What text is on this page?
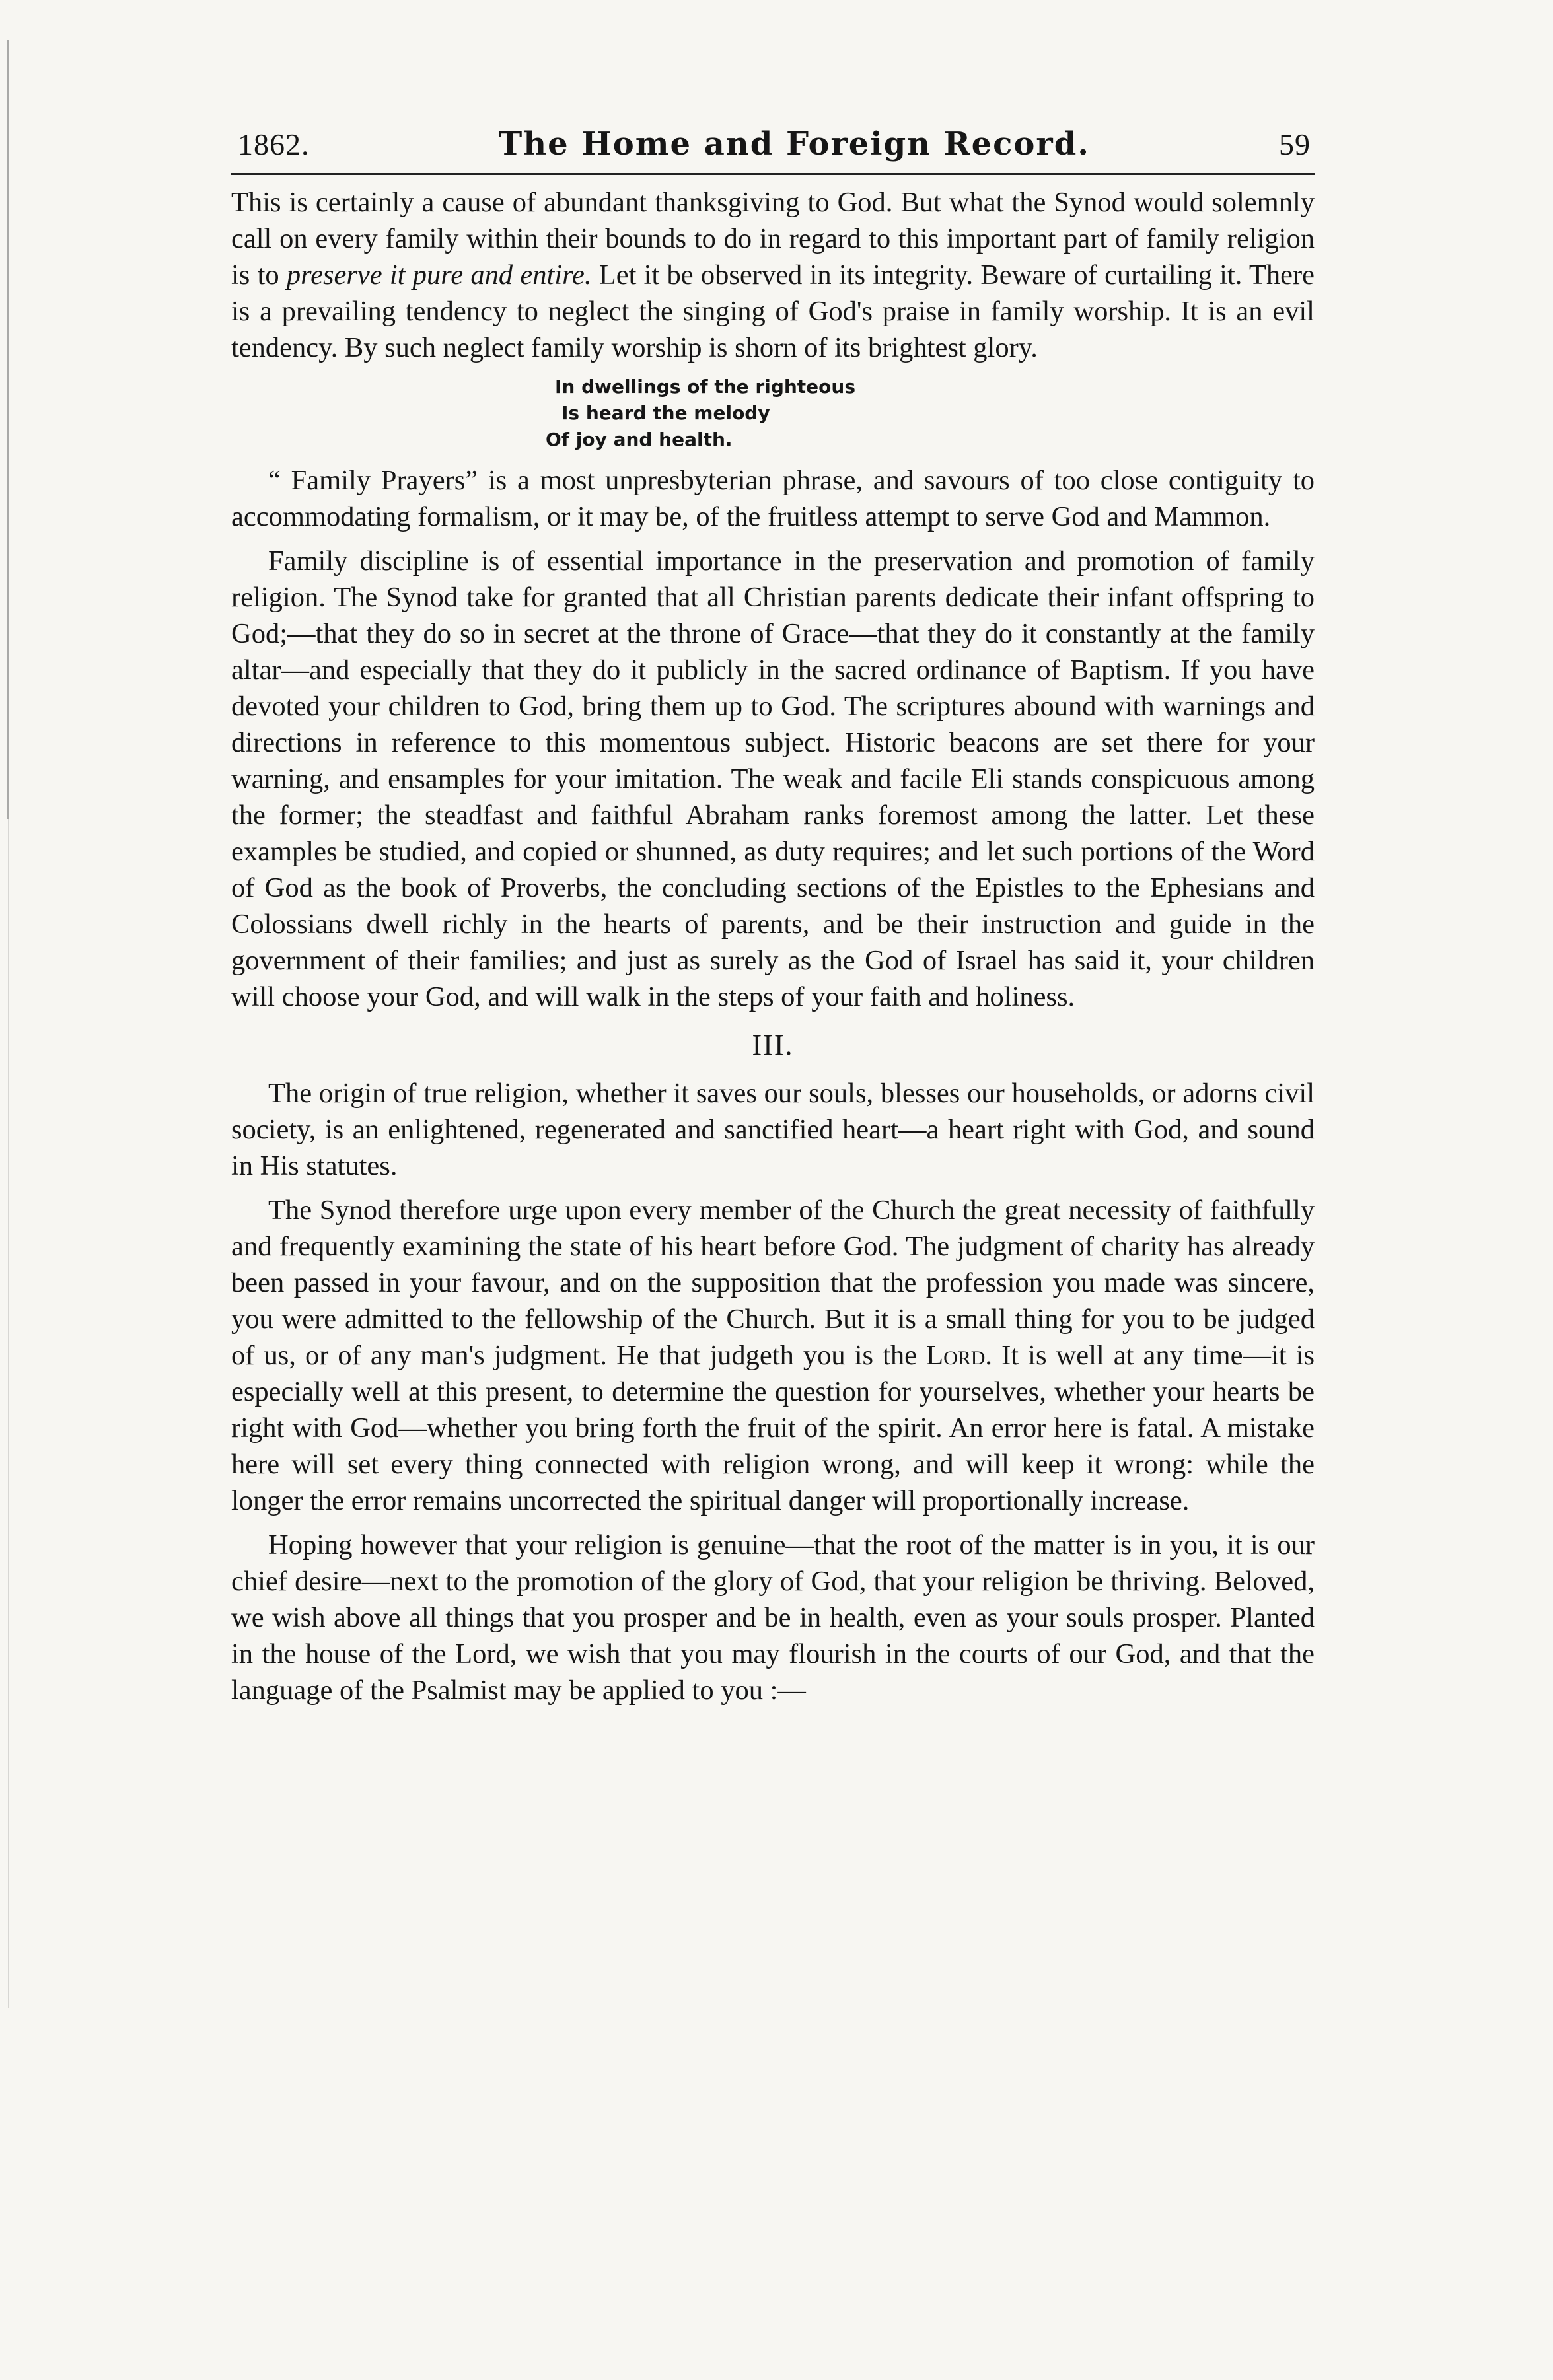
1862.	The Home and Foreign Record.	59

This is certainly a cause of abundant thanksgiving to God. But what the Synod would solemnly call on every family within their bounds to do in regard to this important part of family religion is to preserve it pure and entire. Let it be observed in its integrity. Beware of curtailing it. There is a prevailing tendency to neglect the singing of God's praise in family worship. It is an evil tendency. By such neglect family worship is shorn of its brightest glory.

In dwellings of the righteous
Is heard the melody
Of joy and health.

“ Family Prayers” is a most unpresbyterian phrase, and savours of too close contiguity to accommodating formalism, or it may be, of the fruitless attempt to serve God and Mammon.

Family discipline is of essential importance in the preservation and promotion of family religion. The Synod take for granted that all Christian parents dedicate their infant offspring to God;—that they do so in secret at the throne of Grace—that they do it constantly at the family altar—and especially that they do it publicly in the sacred ordinance of Baptism. If you have devoted your children to God, bring them up to God. The scriptures abound with warnings and directions in reference to this momentous subject. Historic beacons are set there for your warning, and ensamples for your imitation. The weak and facile Eli stands conspicuous among the former; the steadfast and faithful Abraham ranks foremost among the latter. Let these examples be studied, and copied or shunned, as duty requires; and let such portions of the Word of God as the book of Proverbs, the concluding sections of the Epistles to the Ephesians and Colossians dwell richly in the hearts of parents, and be their instruction and guide in the government of their families; and just as surely as the God of Israel has said it, your children will choose your God, and will walk in the steps of your faith and holiness.

III.

The origin of true religion, whether it saves our souls, blesses our households, or adorns civil society, is an enlightened, regenerated and sanctified heart—a heart right with God, and sound in His statutes.

The Synod therefore urge upon every member of the Church the great necessity of faithfully and frequently examining the state of his heart before God. The judgment of charity has already been passed in your favour, and on the supposition that the profession you made was sincere, you were admitted to the fellowship of the Church. But it is a small thing for you to be judged of us, or of any man's judgment. He that judgeth you is the Lord. It is well at any time—it is especially well at this present, to determine the question for yourselves, whether your hearts be right with God—whether you bring forth the fruit of the spirit. An error here is fatal. A mistake here will set every thing connected with religion wrong, and will keep it wrong: while the longer the error remains uncorrected the spiritual danger will proportionally increase.

Hoping however that your religion is genuine—that the root of the matter is in you, it is our chief desire—next to the promotion of the glory of God, that your religion be thriving. Beloved, we wish above all things that you prosper and be in health, even as your souls prosper. Planted in the house of the Lord, we wish that you may flourish in the courts of our God, and that the language of the Psalmist may be applied to you :—
